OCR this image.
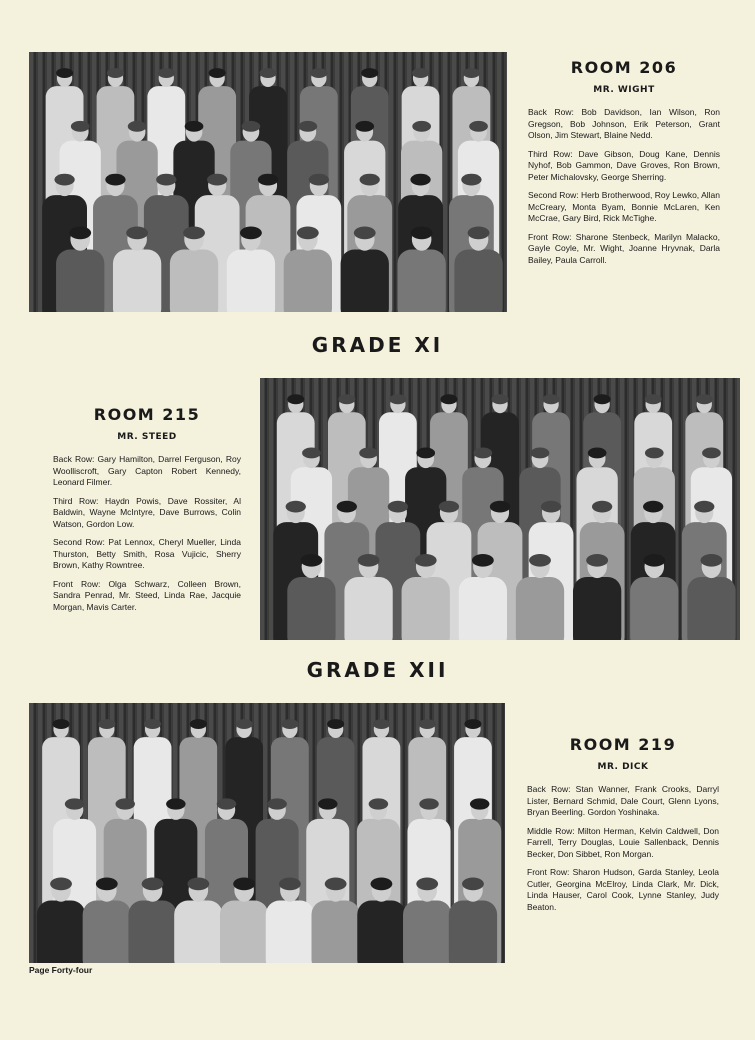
ROOM 206
MR. WIGHT

Back Row: Bob Davidson, Ian Wilson, Ron Gregson, Bob Johnson, Erik Peterson, Grant Olson, Jim Stewart, Blaine Nedd.

Third Row: Dave Gibson, Doug Kane, Dennis Nyhof, Bob Gammon, Dave Groves, Ron Brown, Peter Michalovsky, George Sherring.

Second Row: Herb Brotherwood, Roy Lewko, Allan McCreary, Monta Byam, Bonnie McLaren, Ken McCrae, Gary Bird, Rick McTighe.

Front Row: Sharone Stenbeck, Marilyn Malacko, Gayle Coyle, Mr. Wight, Joanne Hryvnak, Darla Bailey, Paula Carroll.

GRADE XI
ROOM 215
MR. STEED

Back Row: Gary Hamilton, Darrel Ferguson, Roy Woolliscroft, Gary Capton Robert Kennedy, Leonard Filmer.

Third Row: Haydn Powis, Dave Rossiter, Al Baldwin, Wayne McIntyre, Dave Burrows, Colin Watson, Gordon Low.

Second Row: Pat Lennox, Cheryl Mueller, Linda Thurston, Betty Smith, Rosa Vujicic, Sherry Brown, Kathy Rowntree.

Front Row: Olga Schwarz, Colleen Brown, Sandra Penrad, Mr. Steed, Linda Rae, Jacquie Morgan, Mavis Carter.

GRADE XII
ROOM 219
MR. DICK

Back Row: Stan Wanner, Frank Crooks, Darryl Lister, Bernard Schmid, Dale Court, Glenn Lyons, Bryan Beerling. Gordon Yoshinaka.

Middle Row: Milton Herman, Kelvin Caldwell, Don Farrell, Terry Douglas, Louie Sallenback, Dennis Becker, Don Sibbet, Ron Morgan.

Front Row: Sharon Hudson, Garda Stanley, Leola Cutler, Georgina McElroy, Linda Clark, Mr. Dick, Linda Hauser, Carol Cook, Lynne Stanley, Judy Beaton.

Page Forty-four
